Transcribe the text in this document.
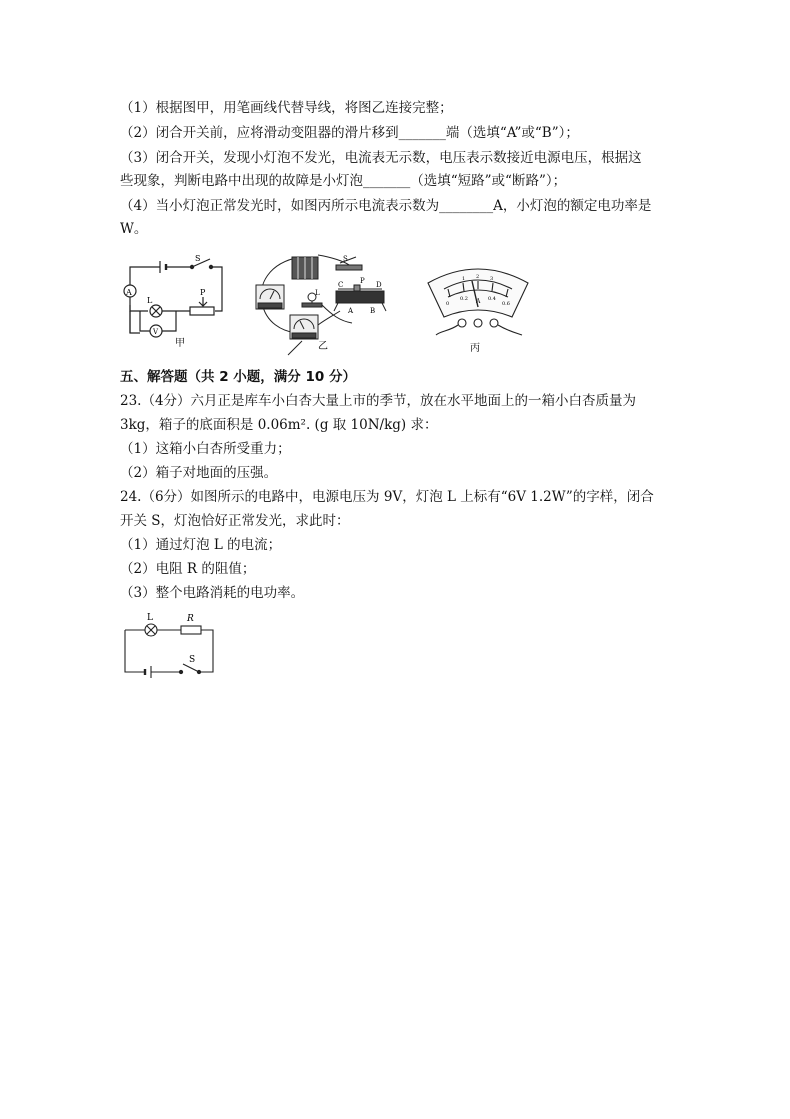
（1）根据图甲，用笔画线代替导线，将图乙连接完整；
（2）闭合开关前，应将滑动变阻器的滑片移到_______端（选填“A”或“B”）；
（3）闭合开关，发现小灯泡不发光，电流表无示数，电压表示数接近电源电压，根据这
些现象，判断电路中出现的故障是小灯泡_______（选填“短路”或“断路”）；
（4）当小灯泡正常发光时，如图丙所示电流表示数为________A，小灯泡的额定电功率是
W。
A
S
L
P
V
甲
S
L
C P D
A B
乙
0
0.2	0.4
0.6
1 2 3
A
丙
五、解答题（共 2 小题，满分 10 分）
23.（4分）六月正是库车小白杏大量上市的季节，放在水平地面上的一箱小白杏质量为
3kg，箱子的底面积是 0.06m². (g 取 10N/kg) 求：
（1）这箱小白杏所受重力；
（2）箱子对地面的压强。
24.（6分）如图所示的电路中，电源电压为 9V，灯泡 L 上标有“6V 1.2W”的字样，闭合
开关 S，灯泡恰好正常发光，求此时：
（1）通过灯泡 L 的电流；
（2）电阻 R 的阻值；
（3）整个电路消耗的电功率。
L	R
S
